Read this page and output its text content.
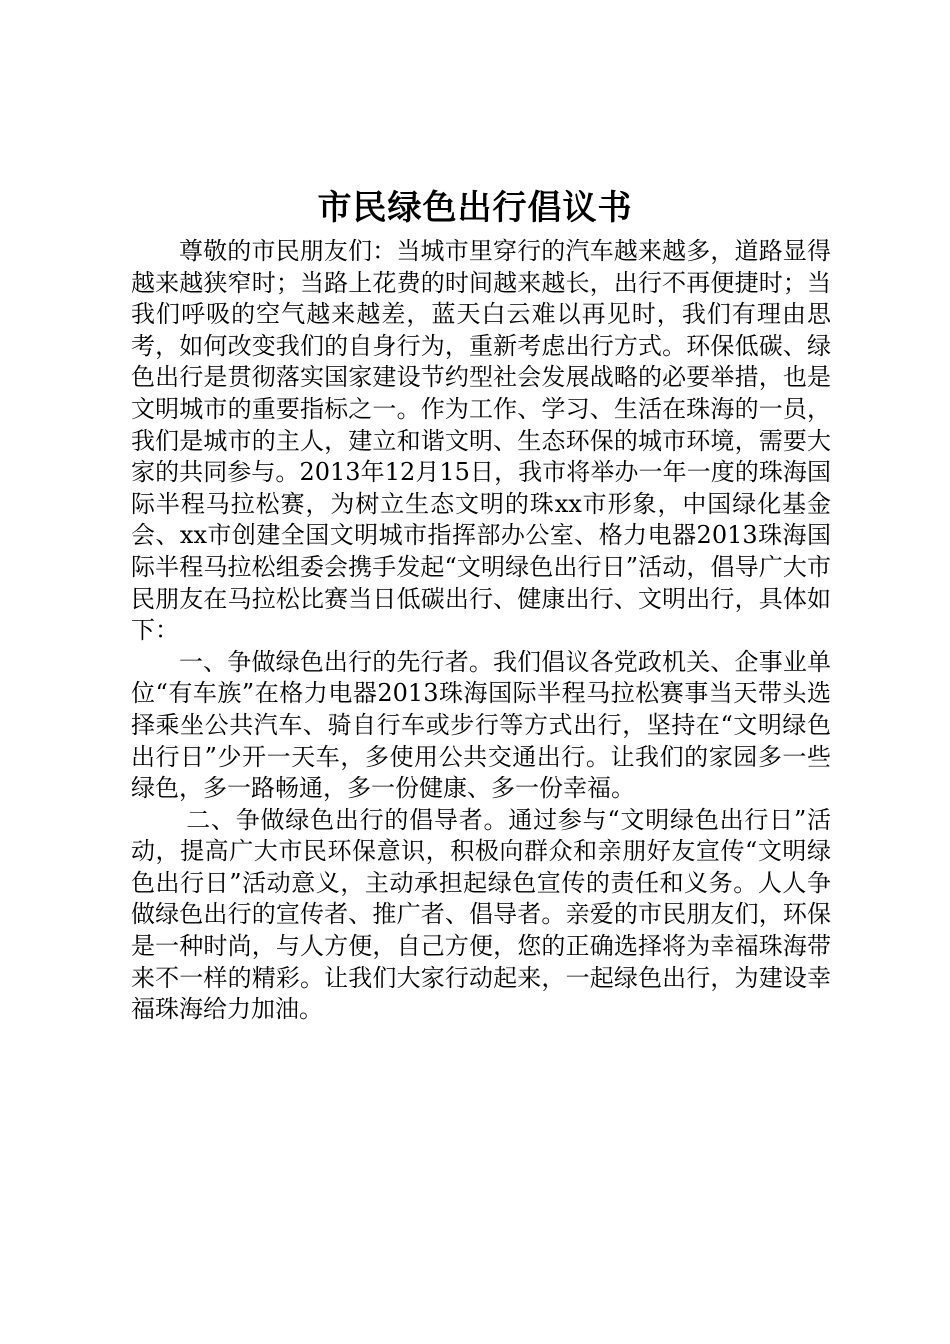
市民绿色出行倡议书

尊敬的市民朋友们：当城市里穿行的汽车越来越多，道路显得越来越狭窄时；当路上花费的时间越来越长，出行不再便捷时；当我们呼吸的空气越来越差，蓝天白云难以再见时，我们有理由思考，如何改变我们的自身行为，重新考虑出行方式。环保低碳、绿色出行是贯彻落实国家建设节约型社会发展战略的必要举措，也是文明城市的重要指标之一。作为工作、学习、生活在珠海的一员，我们是城市的主人，建立和谐文明、生态环保的城市环境，需要大家的共同参与。2013年12月15日，我市将举办一年一度的珠海国际半程马拉松赛，为树立生态文明的珠xx市形象，中国绿化基金会、xx市创建全国文明城市指挥部办公室、格力电器2013珠海国际半程马拉松组委会携手发起“文明绿色出行日”活动，倡导广大市民朋友在马拉松比赛当日低碳出行、健康出行、文明出行，具体如下：

一、争做绿色出行的先行者。我们倡议各党政机关、企事业单位“有车族”在格力电器2013珠海国际半程马拉松赛事当天带头选择乘坐公共汽车、骑自行车或步行等方式出行，坚持在“文明绿色出行日”少开一天车，多使用公共交通出行。让我们的家园多一些绿色，多一路畅通，多一份健康、多一份幸福。

二、争做绿色出行的倡导者。通过参与“文明绿色出行日”活动，提高广大市民环保意识，积极向群众和亲朋好友宣传“文明绿色出行日”活动意义，主动承担起绿色宣传的责任和义务。人人争做绿色出行的宣传者、推广者、倡导者。亲爱的市民朋友们，环保是一种时尚，与人方便，自己方便，您的正确选择将为幸福珠海带来不一样的精彩。让我们大家行动起来，一起绿色出行，为建设幸福珠海给力加油。
